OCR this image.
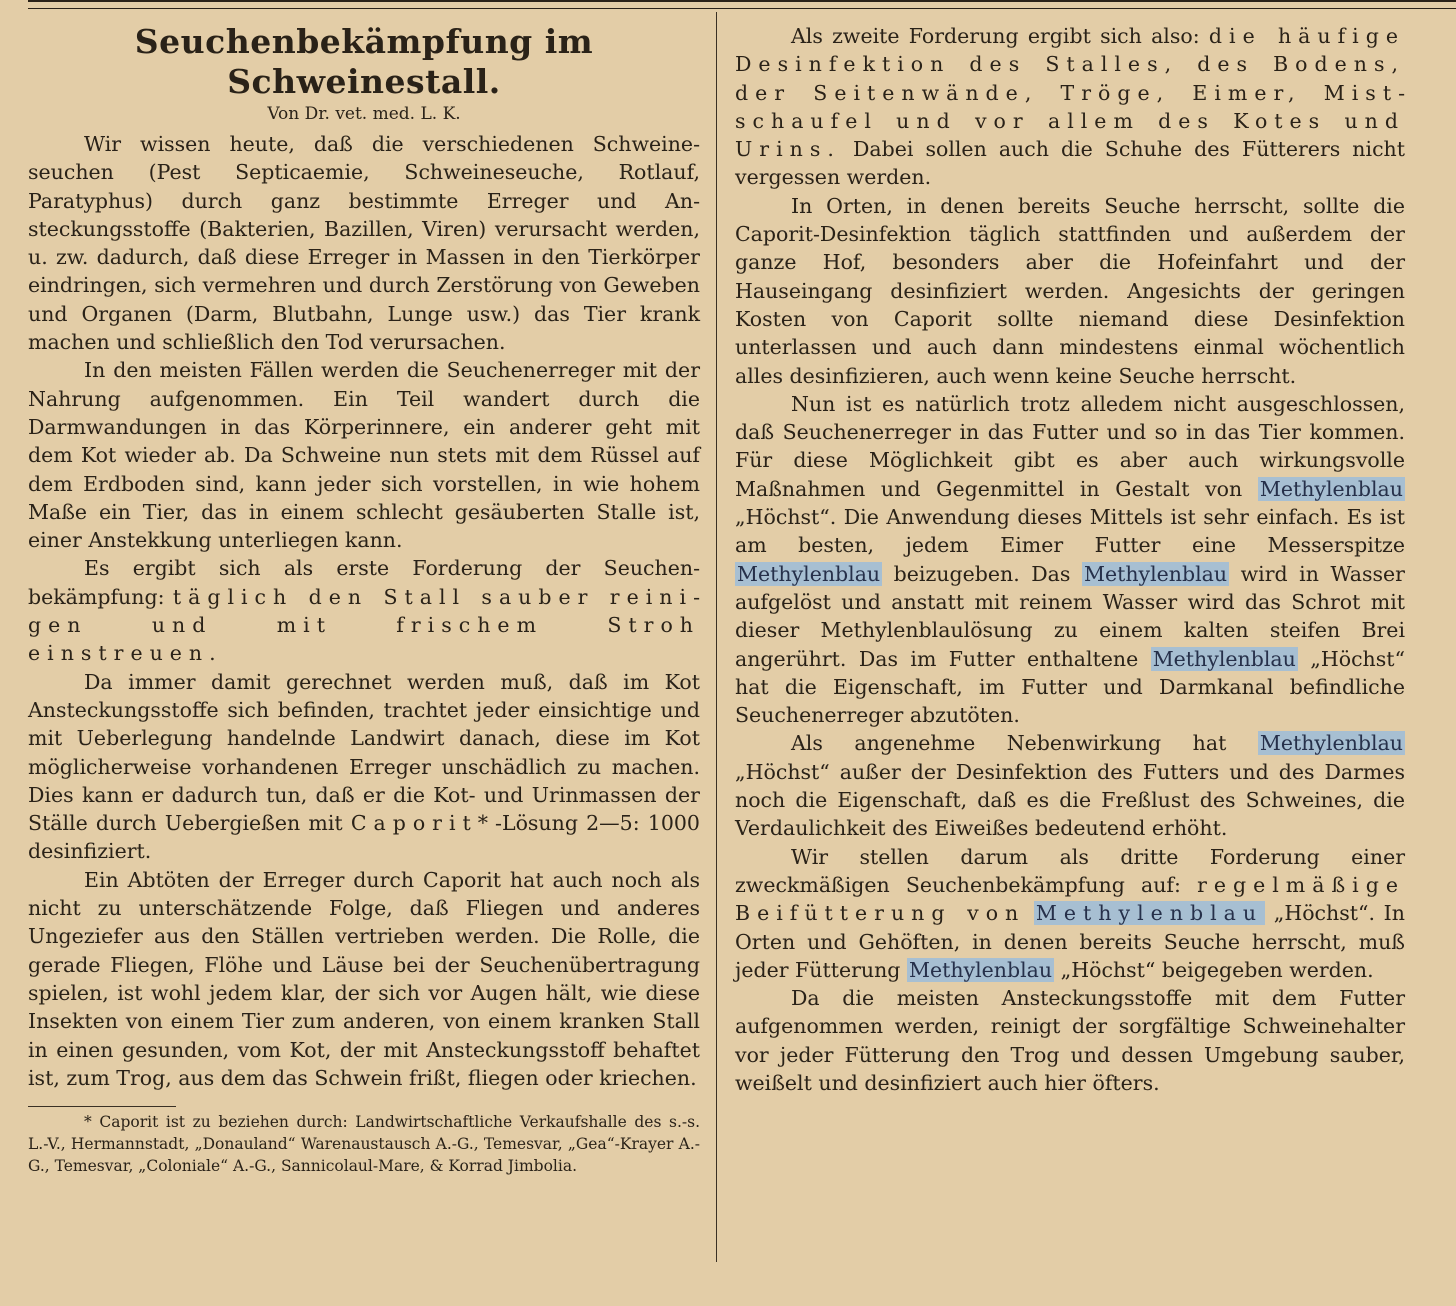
Seuchenbekämpfung im Schweinestall.
Von Dr. vet. med. L. K.

Wir wissen heute, daß die verschiedenen Schweineseuchen (Pest Septicaemie, Schweineseuche, Rotlauf, Paratyphus) durch ganz bestimmte Erreger und Ansteckungsstoffe (Bakterien, Bazillen, Viren) verursacht werden, u. zw. dadurch, daß diese Erreger in Massen in den Tierkörper eindringen, sich vermehren und durch Zerstörung von Geweben und Organen (Darm, Blutbahn, Lunge usw.) das Tier krank machen und schließlich den Tod verursachen.

In den meisten Fällen werden die Seuchenerreger mit der Nahrung aufgenommen. Ein Teil wandert durch die Darmwandungen in das Körperinnere, ein anderer geht mit dem Kot wieder ab. Da Schweine nun stets mit dem Rüssel auf dem Erdboden sind, kann jeder sich vorstellen, in wie hohem Maße ein Tier, das in einem schlecht gesäuberten Stalle ist, einer Anstekkung unterliegen kann.

Es ergibt sich als erste Forderung der Seuchenbekämpfung: täglich den Stall sauber reinigen und mit frischem Stroh einstreuen.

Da immer damit gerechnet werden muß, daß im Kot Ansteckungsstoffe sich befinden, trachtet jeder einsichtige und mit Ueberlegung handelnde Landwirt danach, diese im Kot möglicherweise vorhandenen Erreger unschädlich zu machen. Dies kann er dadurch tun, daß er die Kot- und Urinmassen der Ställe durch Uebergießen mit Caporit*-Lösung 2—5: 1000 desinfiziert.

Ein Abtöten der Erreger durch Caporit hat auch noch als nicht zu unterschätzende Folge, daß Fliegen und anderes Ungeziefer aus den Ställen vertrieben werden. Die Rolle, die gerade Fliegen, Flöhe und Läuse bei der Seuchenübertragung spielen, ist wohl jedem klar, der sich vor Augen hält, wie diese Insekten von einem Tier zum anderen, von einem kranken Stall in einen gesunden, vom Kot, der mit Ansteckungsstoff behaftet ist, zum Trog, aus dem das Schwein frißt, fliegen oder kriechen.

* Caporit ist zu beziehen durch: Landwirtschaftliche Verkaufshalle des s.-s. L.-V., Hermannstadt, „Donauland“ Warenaustausch A.-G., Temesvar, „Gea“-Krayer A.-G., Temesvar, „Coloniale“ A.-G., Sannicolaul-Mare, & Korrad Jimbolia.

Als zweite Forderung ergibt sich also: die häufige Desinfektion des Stalles, des Bodens, der Seitenwände, Tröge, Eimer, Mistschaufel und vor allem des Kotes und Urins. Dabei sollen auch die Schuhe des Fütterers nicht vergessen werden.

In Orten, in denen bereits Seuche herrscht, sollte die Caporit-Desinfektion täglich stattfinden und außerdem der ganze Hof, besonders aber die Hofeinfahrt und der Hauseingang desinfiziert werden. Angesichts der geringen Kosten von Caporit sollte niemand diese Desinfektion unterlassen und auch dann mindestens einmal wöchentlich alles desinfizieren, auch wenn keine Seuche herrscht.

Nun ist es natürlich trotz alledem nicht ausgeschlossen, daß Seuchenerreger in das Futter und so in das Tier kommen. Für diese Möglichkeit gibt es aber auch wirkungsvolle Maßnahmen und Gegenmittel in Gestalt von Methylenblau „Höchst“. Die Anwendung dieses Mittels ist sehr einfach. Es ist am besten, jedem Eimer Futter eine Messerspitze Methylenblau beizugeben. Das Methylenblau wird in Wasser aufgelöst und anstatt mit reinem Wasser wird das Schrot mit dieser Methylenblaulösung zu einem kalten steifen Brei angerührt. Das im Futter enthaltene Methylenblau „Höchst“ hat die Eigenschaft, im Futter und Darmkanal befindliche Seuchenerreger abzutöten.

Als angenehme Nebenwirkung hat Methylenblau „Höchst“ außer der Desinfektion des Futters und des Darmes noch die Eigenschaft, daß es die Freßlust des Schweines, die Verdaulichkeit des Eiweißes bedeutend erhöht.

Wir stellen darum als dritte Forderung einer zweckmäßigen Seuchenbekämpfung auf: regelmäßige Beifütterung von Methylenblau „Höchst“. In Orten und Gehöften, in denen bereits Seuche herrscht, muß jeder Fütterung Methylenblau „Höchst“ beigegeben werden.

Da die meisten Ansteckungsstoffe mit dem Futter aufgenommen werden, reinigt der sorgfältige Schweinehalter vor jeder Fütterung den Trog und dessen Umgebung sauber, weißelt und desinfiziert auch hier öfters.
